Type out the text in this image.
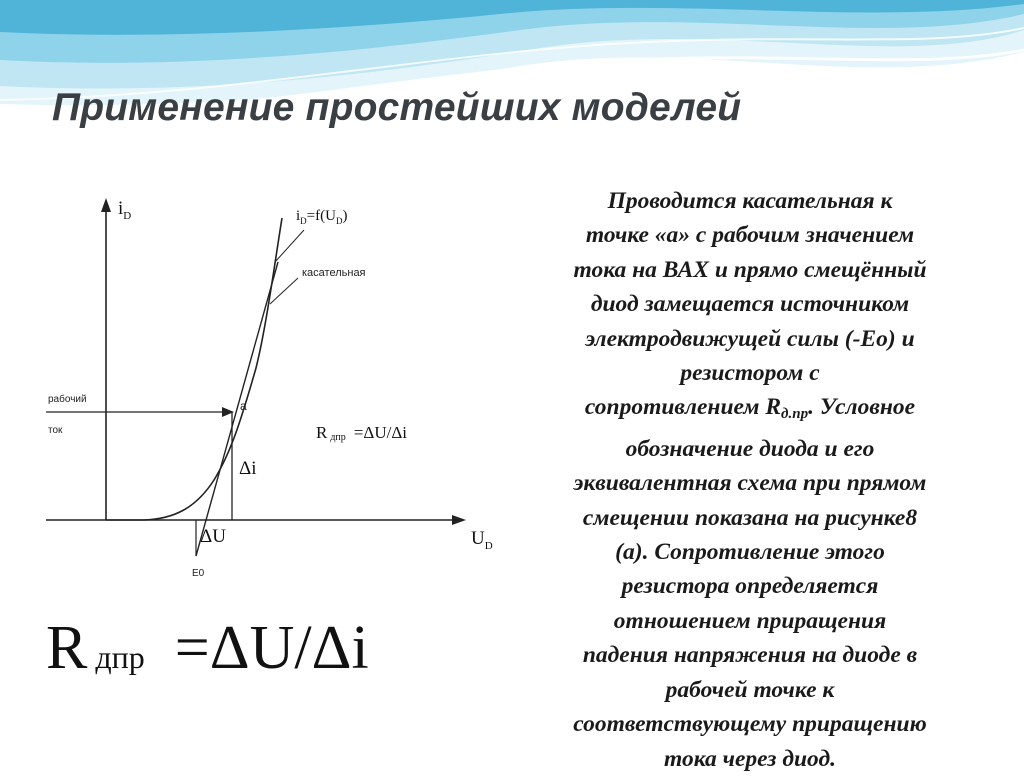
Применение простейших моделей
$i_D$
$U_D$
$i_D=f(U_D)$
касательная
рабочий
ток
a
Δi
ΔU
E0
Rдпр =ΔU/Δi
R дпр =ΔU/Δi

Проводится касательная к
точке «а» с рабочим значением
тока на ВАХ и прямо смещённый
диод замещается источником
электродвижущей силы (-Ео) и
резистором с
сопротивлением $R_{д.пр}$. Условное
обозначение диода и его
эквивалентная схема при прямом
смещении показана на рисунке8
(а). Сопротивление этого
резистора определяется
отношением приращения
падения напряжения на диоде в
рабочей точке к
соответствующему приращению
тока через диод.
